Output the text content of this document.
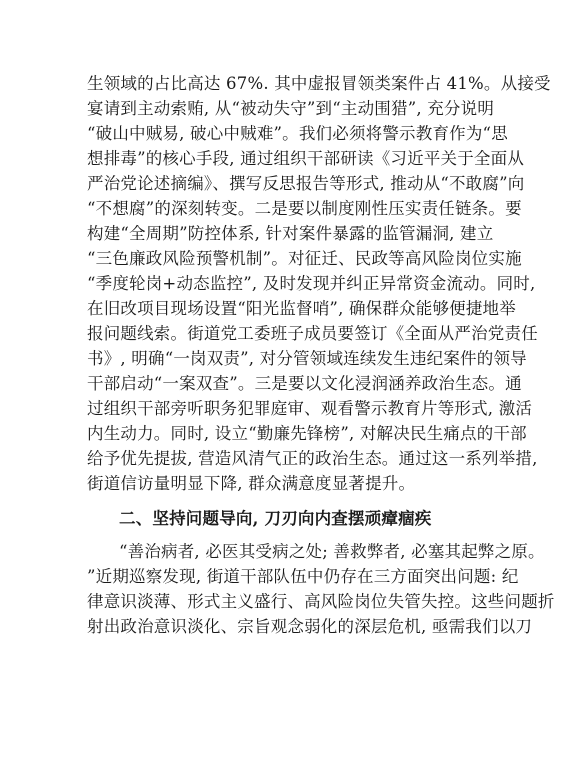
生领域的占比高达 67%. 其中虚报冒领类案件占 41%。从接受
宴请到主动索贿, 从“被动失守”到“主动围猎”, 充分说明
“破山中贼易, 破心中贼难”。我们必须将警示教育作为“思
想排毒”的核心手段, 通过组织干部研读《习近平关于全面从
严治党论述摘编》、撰写反思报告等形式, 推动从“不敢腐”向
“不想腐”的深刻转变。二是要以制度刚性压实责任链条。要
构建“全周期”防控体系, 针对案件暴露的监管漏洞, 建立
“三色廉政风险预警机制”。对征迁、民政等高风险岗位实施
“季度轮岗+动态监控”, 及时发现并纠正异常资金流动。同时,
在旧改项目现场设置“阳光监督哨”, 确保群众能够便捷地举
报问题线索。街道党工委班子成员要签订《全面从严治党责任
书》, 明确“一岗双责”, 对分管领域连续发生违纪案件的领导
干部启动“一案双查”。三是要以文化浸润涵养政治生态。通
过组织干部旁听职务犯罪庭审、观看警示教育片等形式, 激活
内生动力。同时, 设立“勤廉先锋榜”, 对解决民生痛点的干部
给予优先提拔, 营造风清气正的政治生态。通过这一系列举措,
街道信访量明显下降, 群众满意度显著提升。
二、坚持问题导向, 刀刃向内查摆顽瘴痼疾
“善治病者, 必医其受病之处; 善救弊者, 必塞其起弊之原。
”近期巡察发现, 街道干部队伍中仍存在三方面突出问题: 纪
律意识淡薄、形式主义盛行、高风险岗位失管失控。这些问题折
射出政治意识淡化、宗旨观念弱化的深层危机, 亟需我们以刀
